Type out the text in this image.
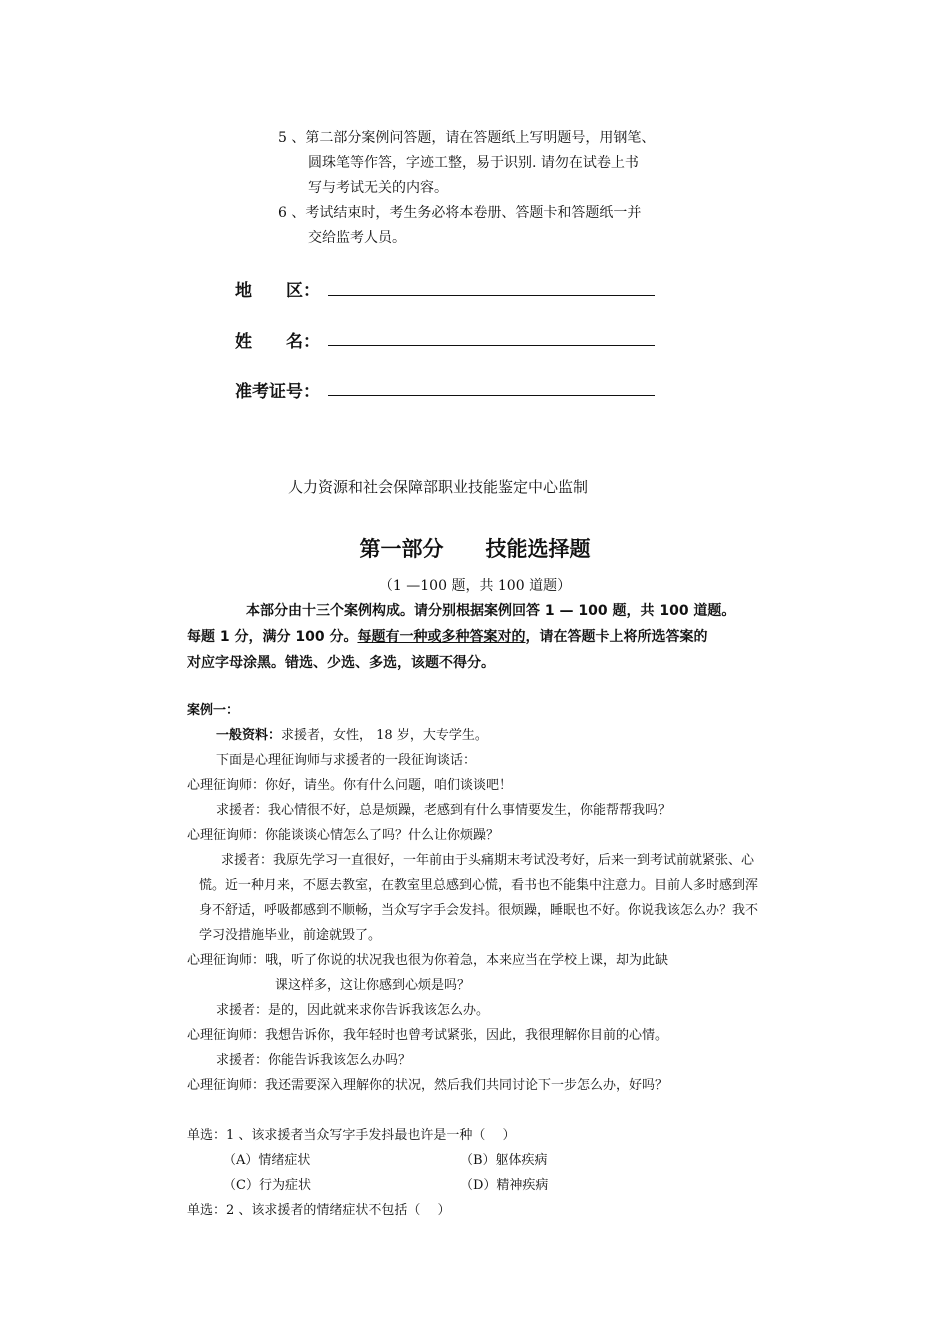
5 、第二部分案例问答题，请在答题纸上写明题号，用钢笔、
圆珠笔等作答，字迹工整，易于识别. 请勿在试卷上书
写与考试无关的内容。
6 、考试结束时，考生务必将本卷册、答题卡和答题纸一并
交给监考人员。
地　　区：
姓　　名：
准考证号：
人力资源和社会保障部职业技能鉴定中心监制
第一部分　　技能选择题
（1 —100 题，共 100 道题）
本部分由十三个案例构成。请分别根据案例回答 1 — 100 题，共 100 道题。
每题 1 分，满分 100 分。每题有一种或多种答案对的，请在答题卡上将所选答案的
对应字母涂黑。错选、少选、多选，该题不得分。
案例一：
一般资料：求援者，女性， 18 岁，大专学生。
下面是心理征询师与求援者的一段征询谈话：
心理征询师：你好，请坐。你有什么问题，咱们谈谈吧！
求援者：我心情很不好，总是烦躁，老感到有什么事情要发生，你能帮帮我吗？
心理征询师：你能谈谈心情怎么了吗？什么让你烦躁？
求援者：我原先学习一直很好，一年前由于头痛期末考试没考好，后来一到考试前就紧张、心
慌。近一种月来，不愿去教室，在教室里总感到心慌，看书也不能集中注意力。目前人多时感到浑
身不舒适，呼吸都感到不顺畅，当众写字手会发抖。很烦躁，睡眠也不好。你说我该怎么办？我不
学习没措施毕业，前途就毁了。
心理征询师：哦，听了你说的状况我也很为你着急，本来应当在学校上课，却为此缺
课这样多，这让你感到心烦是吗？
求援者：是的，因此就来求你告诉我该怎么办。
心理征询师：我想告诉你，我年轻时也曾考试紧张，因此，我很理解你目前的心情。
求援者：你能告诉我该怎么办吗？
心理征询师：我还需要深入理解你的状况，然后我们共同讨论下一步怎么办，好吗？
单选：1 、该求援者当众写字手发抖最也许是一种（　 ）
（A）情绪症状	（B）躯体疾病
（C）行为症状	（D）精神疾病
单选：2 、该求援者的情绪症状不包括（　 ）
